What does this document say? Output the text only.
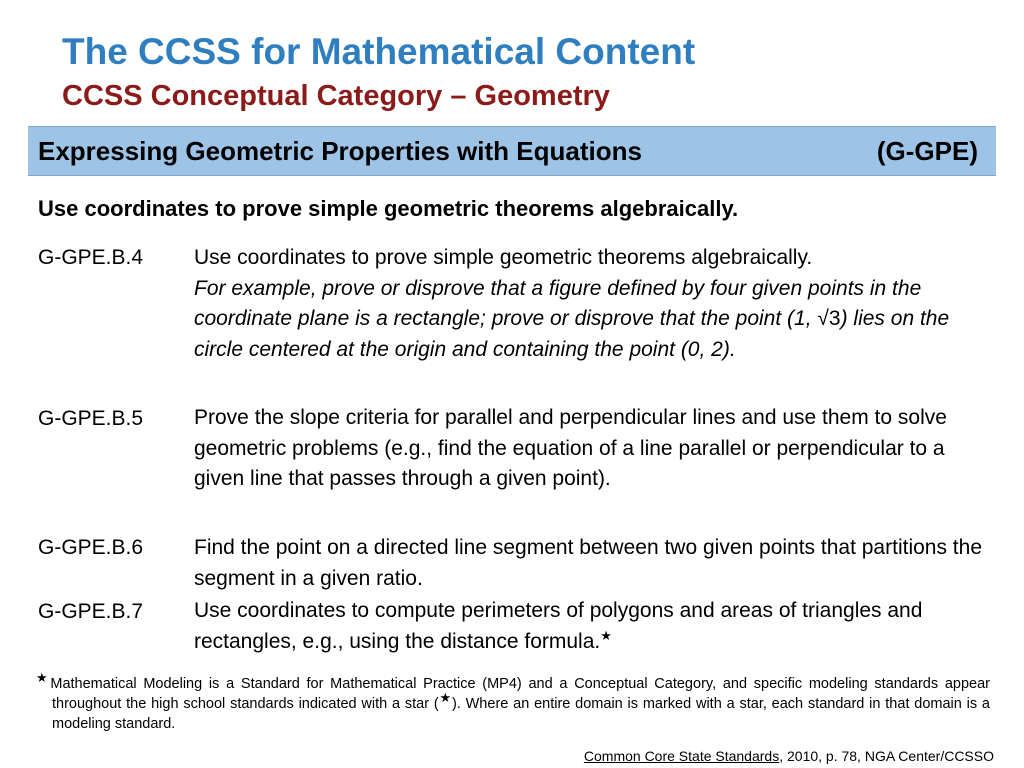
The CCSS for Mathematical Content
CCSS Conceptual Category – Geometry
Expressing Geometric Properties with Equations	(G-GPE)
Use coordinates to prove simple geometric theorems algebraically.
G-GPE.B.4 Use coordinates to prove simple geometric theorems algebraically.
For example, prove or disprove that a figure defined by four given points in the coordinate plane is a rectangle; prove or disprove that the point (1, √3) lies on the circle centered at the origin and containing the point (0, 2).
G-GPE.B.5 Prove the slope criteria for parallel and perpendicular lines and use them to solve geometric problems (e.g., find the equation of a line parallel or perpendicular to a given line that passes through a given point).
G-GPE.B.6 Find the point on a directed line segment between two given points that partitions the segment in a given ratio.
G-GPE.B.7 Use coordinates to compute perimeters of polygons and areas of triangles and rectangles, e.g., using the distance formula.★
★Mathematical Modeling is a Standard for Mathematical Practice (MP4) and a Conceptual Category, and specific modeling standards appear throughout the high school standards indicated with a star (★). Where an entire domain is marked with a star, each standard in that domain is a modeling standard.
Common Core State Standards, 2010, p. 78, NGA Center/CCSSO
